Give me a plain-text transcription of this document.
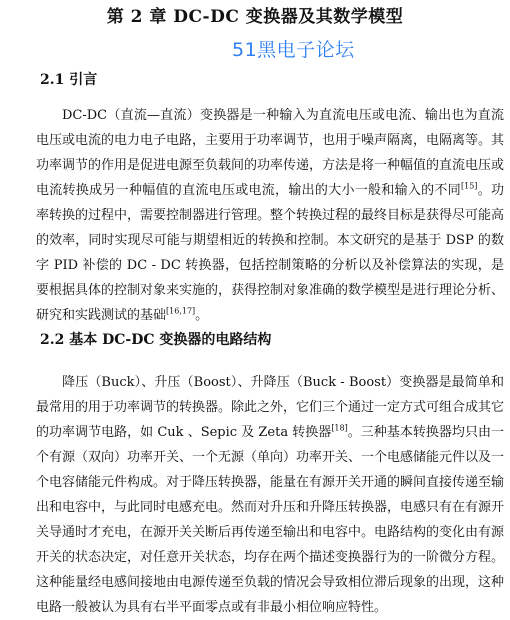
第 2 章 DC-DC 变换器及其数学模型
51黑电子论坛
2.1 引言

DC-DC（直流—直流）变换器是一种输入为直流电压或电流、输出也为直流电压或电流的电力电子电路，主要用于功率调节，也用于噪声隔离，电隔离等。其功率调节的作用是促进电源至负载间的功率传递，方法是将一种幅值的直流电压或电流转换成另一种幅值的直流电压或电流，输出的大小一般和输入的不同[15]。功率转换的过程中，需要控制器进行管理。整个转换过程的最终目标是获得尽可能高的效率，同时实现尽可能与期望相近的转换和控制。本文研究的是基于 DSP 的数字 PID 补偿的 DC - DC 转换器，包括控制策略的分析以及补偿算法的实现，是要根据具体的控制对象来实施的，获得控制对象准确的数学模型是进行理论分析、研究和实践测试的基础[16,17]。

2.2 基本 DC-DC 变换器的电路结构

降压（Buck）、升压（Boost）、升降压（Buck - Boost）变换器是最简单和最常用的用于功率调节的转换器。除此之外，它们三个通过一定方式可组合成其它的功率调节电路，如 Cuk 、Sepic 及 Zeta 转换器[18]。三种基本转换器均只由一个有源（双向）功率开关、一个无源（单向）功率开关、一个电感储能元件以及一个电容储能元件构成。对于降压转换器，能量在有源开关开通的瞬间直接传递至输出和电容中，与此同时电感充电。然而对升压和升降压转换器，电感只有在有源开关导通时才充电，在源开关关断后再传递至输出和电容中。电路结构的变化由有源开关的状态决定，对任意开关状态，均存在两个描述变换器行为的一阶微分方程。这种能量经电感间接地由电源传递至负载的情况会导致相位滞后现象的出现，这种电路一般被认为具有右半平面零点或有非最小相位响应特性。
